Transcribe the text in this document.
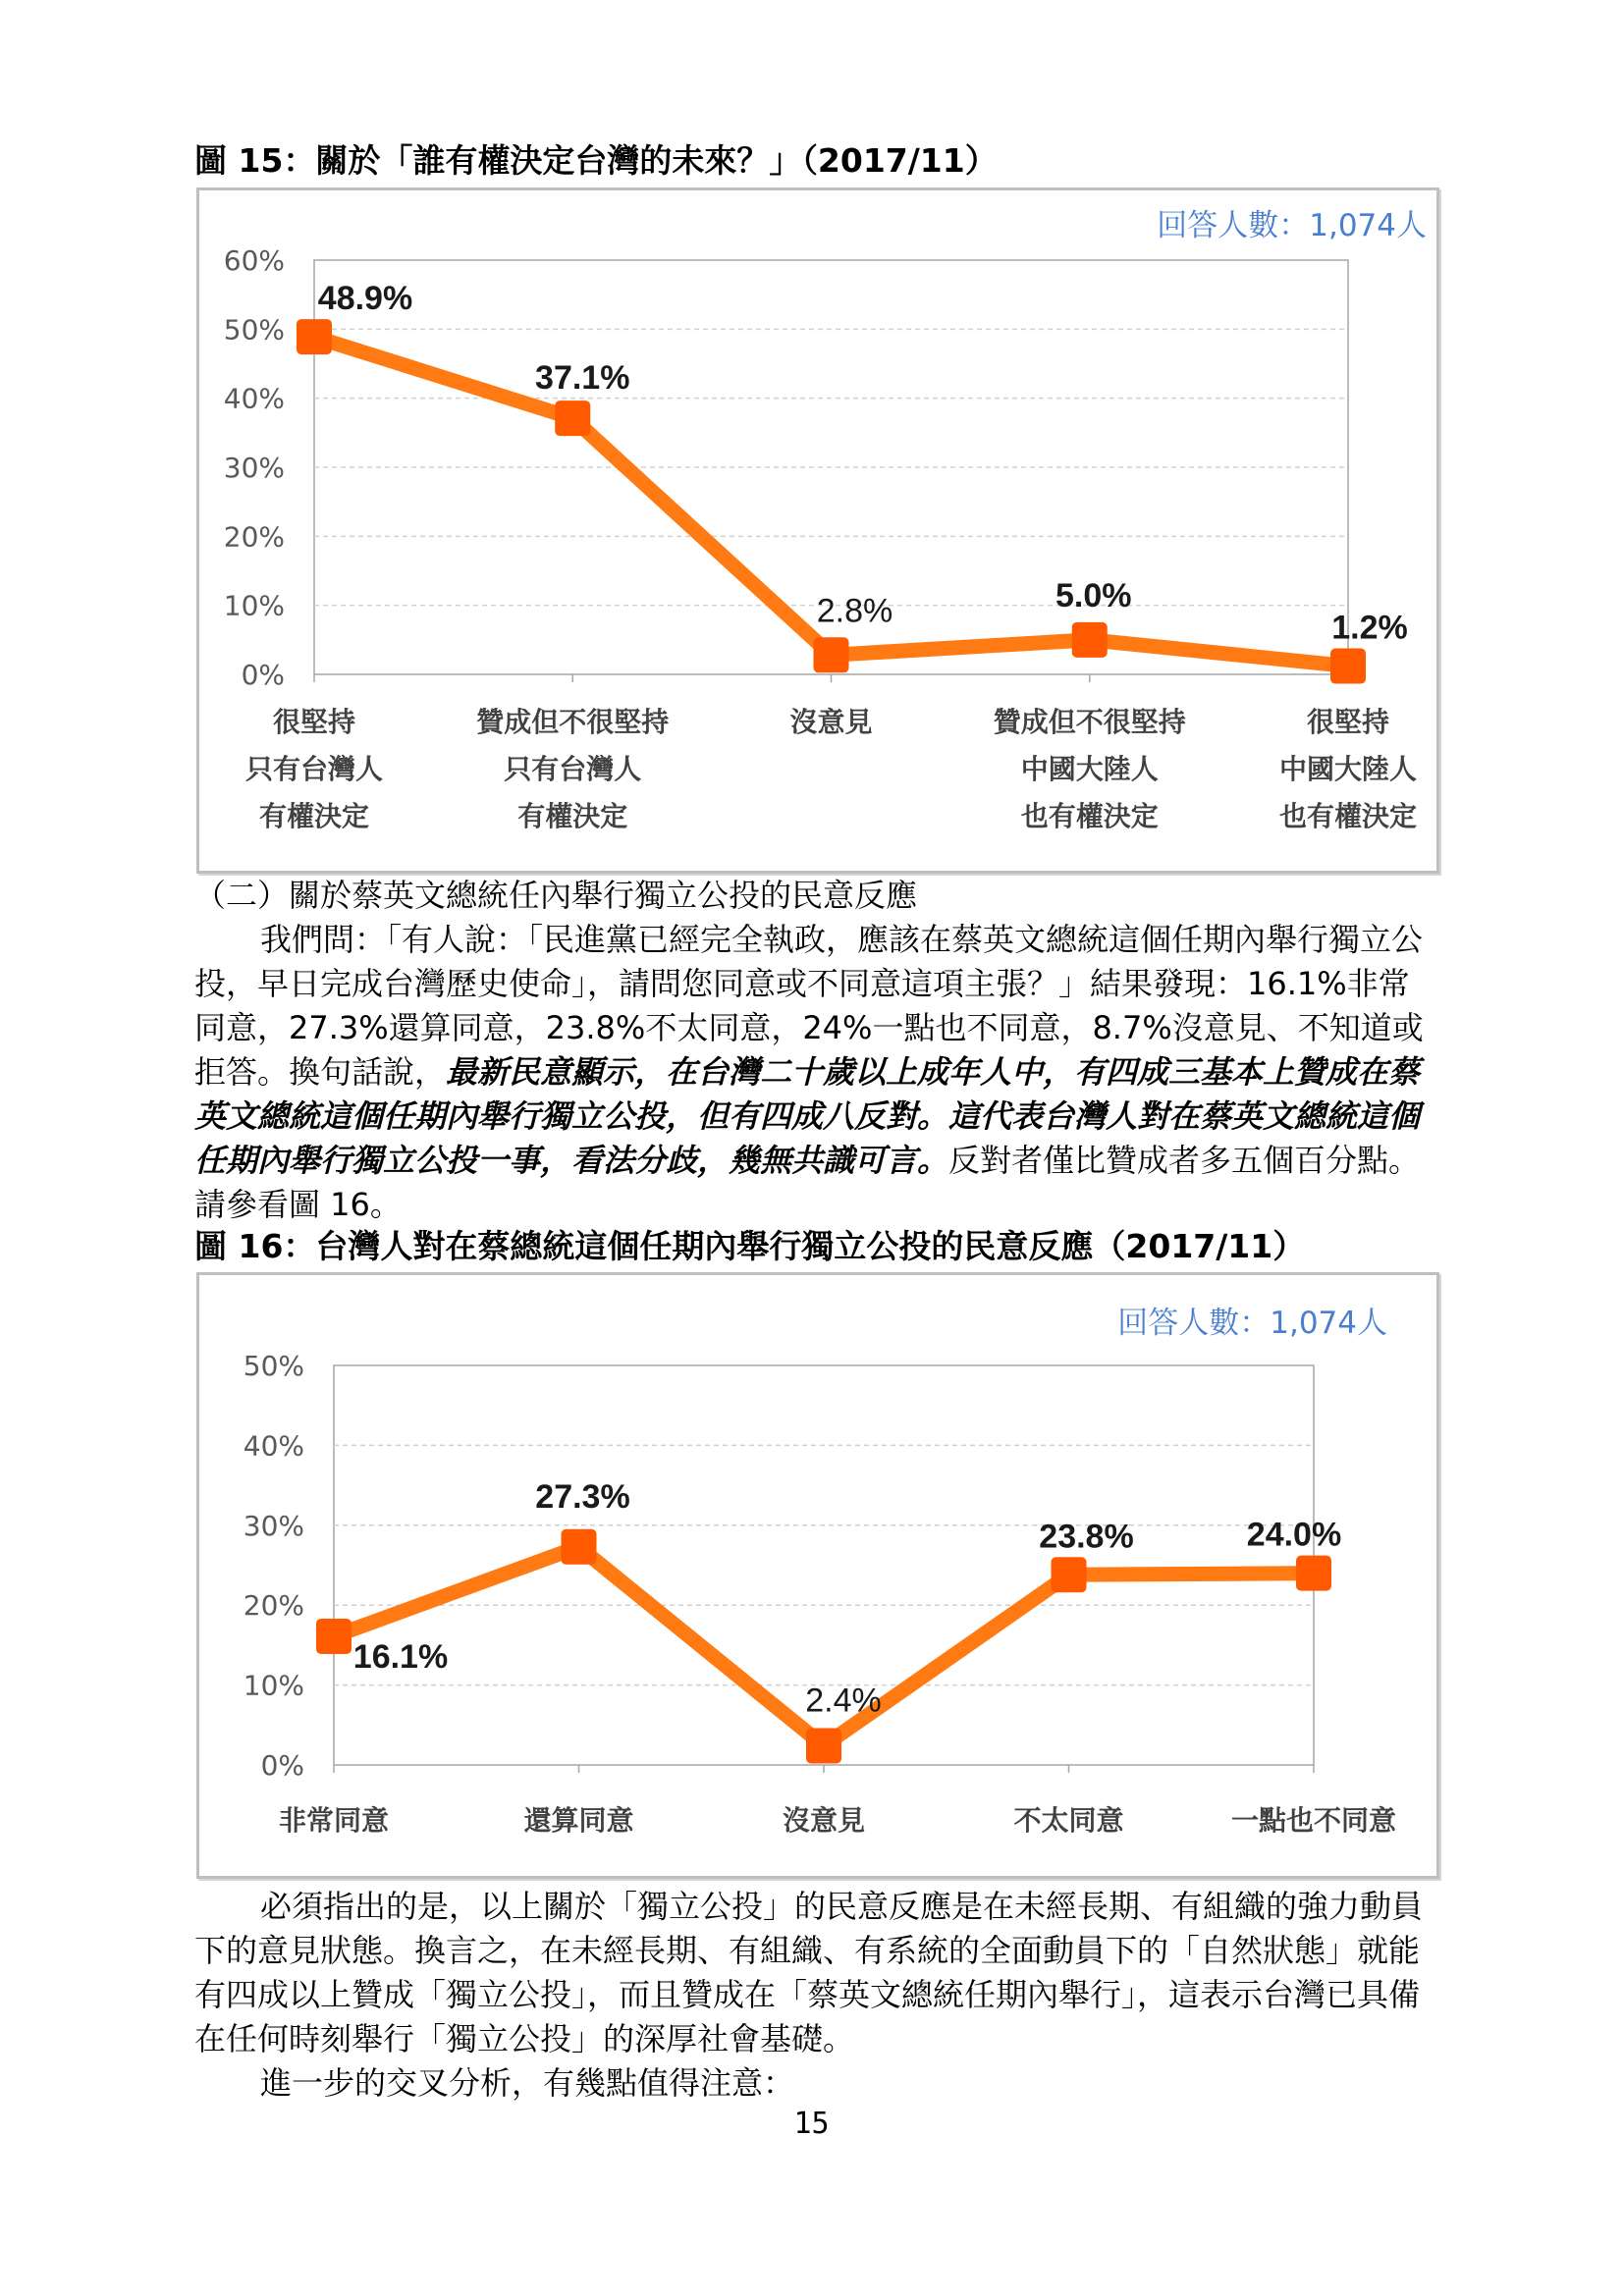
圖 15：關於「誰有權決定台灣的未來？」（2017/11）
0%
10%
20%
30%
40%
50%
60%
48.9%
37.1%
2.8%	5.0%
1.2%
很堅持
只有台灣人
有權決定
贊成但不很堅持
只有台灣人
有權決定
沒意見	贊成但不很堅持
中國大陸人
也有權決定
很堅持
中國大陸人
也有權決定
回答人數：1,074人

（二）關於蔡英文總統任內舉行獨立公投的民意反應

我們問：「有人說：「民進黨已經完全執政，應該在蔡英文總統這個任期內舉行獨立公投，早日完成台灣歷史使命」，請問您同意或不同意這項主張？」結果發現：16.1%非常同意，27.3%還算同意，23.8%不太同意，24%一點也不同意，8.7%沒意見、不知道或拒答。換句話說，最新民意顯示，在台灣二十歲以上成年人中，有四成三基本上贊成在蔡英文總統這個任期內舉行獨立公投，但有四成八反對。這代表台灣人對在蔡英文總統這個任期內舉行獨立公投一事，看法分歧，幾無共識可言。反對者僅比贊成者多五個百分點。請參看圖 16。

圖 16：台灣人對在蔡總統這個任期內舉行獨立公投的民意反應（2017/11）
0%
10%
20%
30%
40%
50%
16.1%
27.3%
2.4%
23.8%	24.0%
非常同意	還算同意	沒意見	不太同意	一點也不同意
回答人數：1,074人

必須指出的是，以上關於「獨立公投」的民意反應是在未經長期、有組織的強力動員下的意見狀態。換言之，在未經長期、有組織、有系統的全面動員下的「自然狀態」就能有四成以上贊成「獨立公投」，而且贊成在「蔡英文總統任期內舉行」，這表示台灣已具備在任何時刻舉行「獨立公投」的深厚社會基礎。

進一步的交叉分析，有幾點值得注意：

15
